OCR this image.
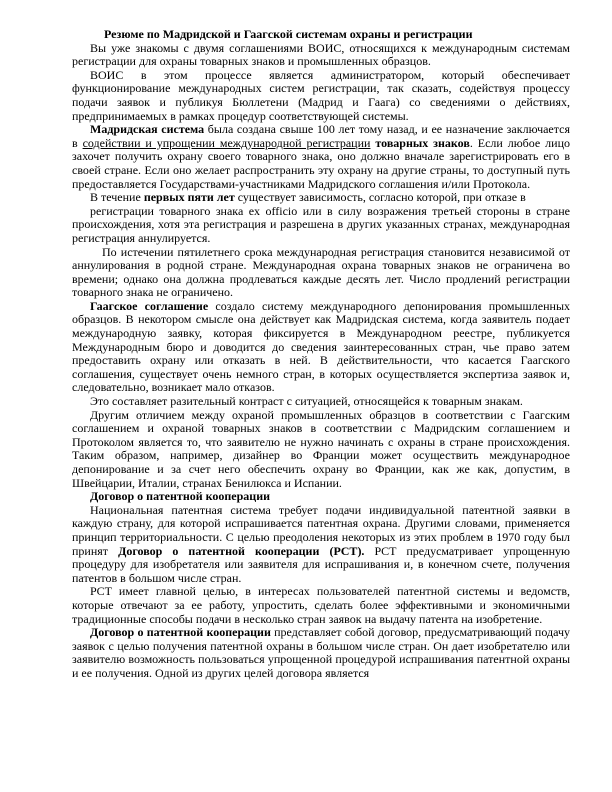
Резюме по Мадридской и Гаагской системам охраны и регистрации

Вы уже знакомы с двумя соглашениями ВОИС, относящихся к международным системам регистрации для охраны товарных знаков и промышленных образцов.

ВОИС в этом процессе является администратором, который обеспечивает функционирование международных систем регистрации, так сказать, содействуя процессу подачи заявок и публикуя Бюллетени (Мадрид и Гаага) со сведениями о действиях, предпринимаемых в рамках процедур соответствующей системы.

Мадридская система была создана свыше 100 лет тому назад, и ее назначение заключается в содействии и упрощении международной регистрации товарных знаков. Если любое лицо захочет получить охрану своего товарного знака, оно должно вначале зарегистрировать его в своей стране. Если оно желает распространить эту охрану на другие страны, то доступный путь предоставляется Государствами-участниками Мадридского соглашения и/или Протокола.

В течение первых пяти лет существует зависимость, согласно которой, при отказе в

регистрации товарного знака ex officio или в силу возражения третьей стороны в стране происхождения, хотя эта регистрация и разрешена в других указанных странах, международная регистрация аннулируется.

По истечении пятилетнего срока международная регистрация становится независимой от аннулирования в родной стране. Международная охрана товарных знаков не ограничена во времени; однако она должна продлеваться каждые десять лет. Число продлений регистрации товарного знака не ограничено.

Гаагское соглашение создало систему международного депонирования промышленных образцов. В некотором смысле она действует как Мадридская система, когда заявитель подает международную заявку, которая фиксируется в Международном реестре, публикуется Международным бюро и доводится до сведения заинтересованных стран, чье право затем предоставить охрану или отказать в ней. В действительности, что касается Гаагского соглашения, существует очень немного стран, в которых осуществляется экспертиза заявок и, следовательно, возникает мало отказов.

Это составляет разительный контраст с ситуацией, относящейся к товарным знакам.

Другим отличием между охраной промышленных образцов в соответствии с Гаагским соглашением и охраной товарных знаков в соответствии с Мадридским соглашением и Протоколом является то, что заявителю не нужно начинать с охраны в стране происхождения. Таким образом, например, дизайнер во Франции может осуществить международное депонирование и за счет него обеспечить охрану во Франции, как же как, допустим, в Швейцарии, Италии, странах Бенилюкса и Испании.

Договор о патентной кооперации

Национальная патентная система требует подачи индивидуальной патентной заявки в каждую страну, для которой испрашивается патентная охрана. Другими словами, применяется принцип территориальности. С целью преодоления некоторых из этих проблем в 1970 году был принят Договор о патентной кооперации (PCT). PCT предусматривает упрощенную процедуру для изобретателя или заявителя для испрашивания и, в конечном счете, получения патентов в большом числе стран.

PCT имеет главной целью, в интересах пользователей патентной системы и ведомств, которые отвечают за ее работу, упростить, сделать более эффективными и экономичными традиционные способы подачи в несколько стран заявок на выдачу патента на изобретение.

Договор о патентной кооперации представляет собой договор, предусматривающий подачу заявок с целью получения патентной охраны в большом числе стран. Он дает изобретателю или заявителю возможность пользоваться упрощенной процедурой испрашивания патентной охраны и ее получения. Одной из других целей договора является
